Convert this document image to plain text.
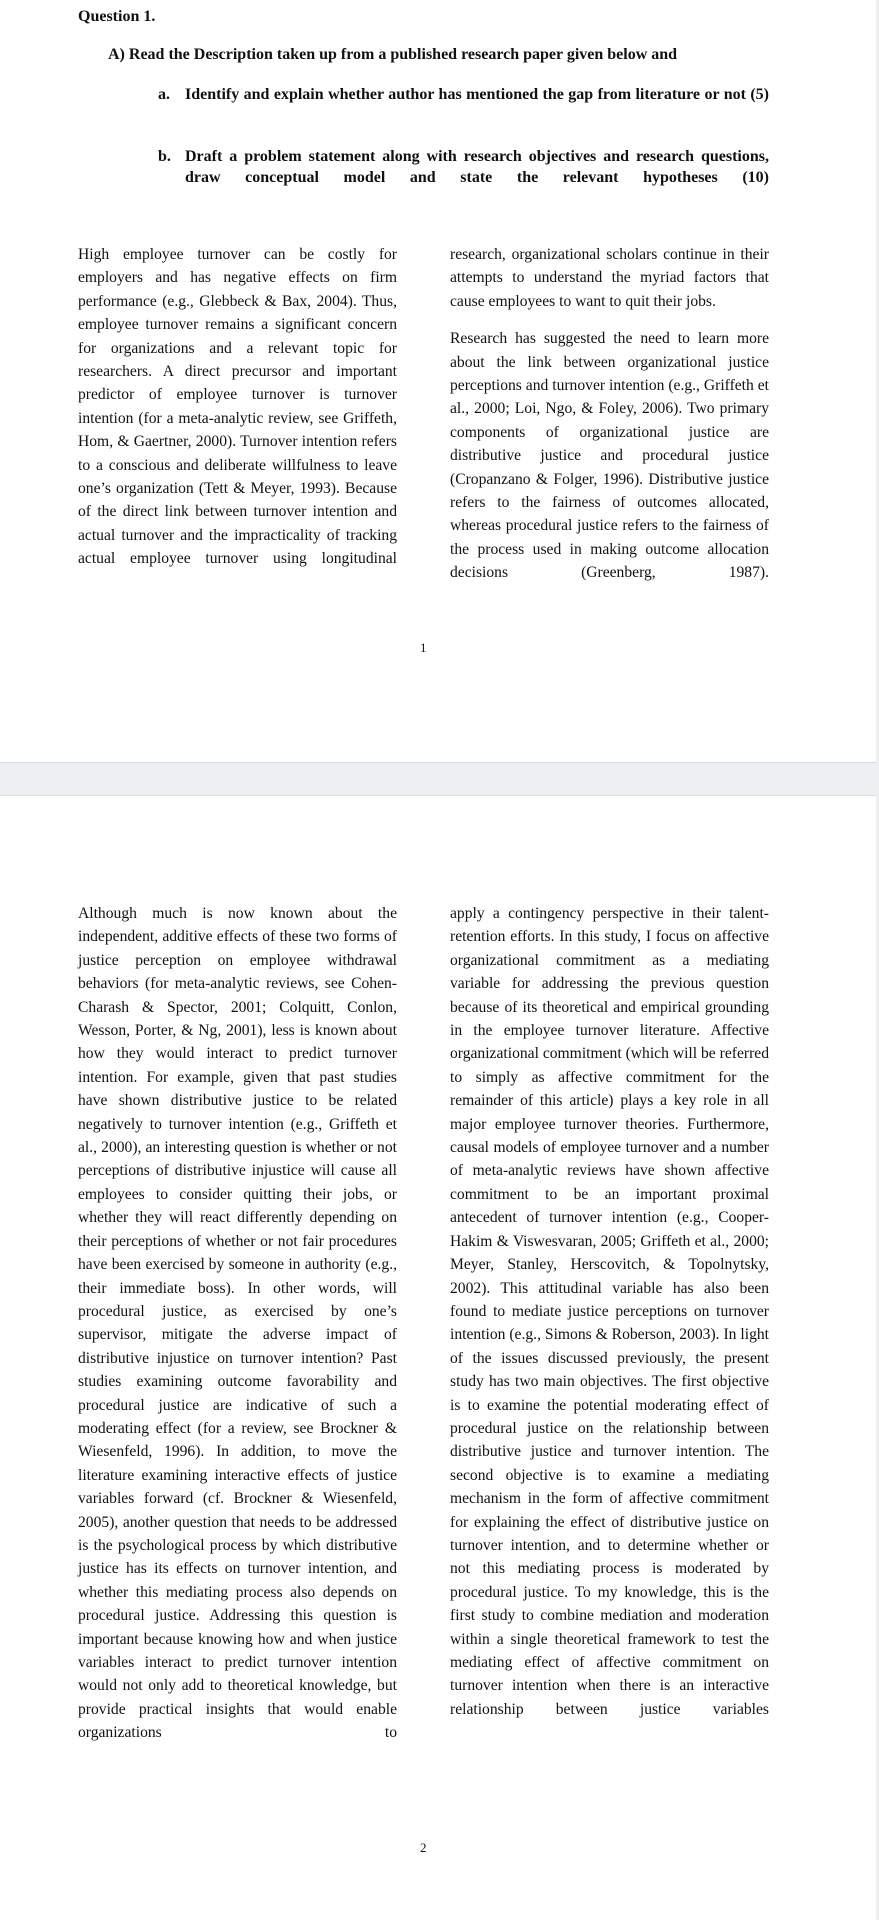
Question 1.

A) Read the Description taken up from a published research paper given below and

a. Identify and explain whether author has mentioned the gap from literature or not (5)
b. Draft a problem statement along with research objectives and research questions, draw conceptual model and state the relevant hypotheses (10)

High employee turnover can be costly for employers and has negative effects on firm performance (e.g., Glebbeck & Bax, 2004). Thus, employee turnover remains a significant concern for organizations and a relevant topic for researchers. A direct precursor and important predictor of employee turnover is turnover intention (for a meta-analytic review, see Griffeth, Hom, & Gaertner, 2000). Turnover intention refers to a conscious and deliberate willfulness to leave one’s organization (Tett & Meyer, 1993). Because of the direct link between turnover intention and actual turnover and the impracticality of tracking actual employee turnover using longitudinal

research, organizational scholars continue in their attempts to understand the myriad factors that cause employees to want to quit their jobs.

Research has suggested the need to learn more about the link between organizational justice perceptions and turnover intention (e.g., Griffeth et al., 2000; Loi, Ngo, & Foley, 2006). Two primary components of organizational justice are distributive justice and procedural justice (Cropanzano & Folger, 1996). Distributive justice refers to the fairness of outcomes allocated, whereas procedural justice refers to the fairness of the process used in making outcome allocation decisions (Greenberg, 1987).

1

Although much is now known about the independent, additive effects of these two forms of justice perception on employee withdrawal behaviors (for meta-analytic reviews, see Cohen-Charash & Spector, 2001; Colquitt, Conlon, Wesson, Porter, & Ng, 2001), less is known about how they would interact to predict turnover intention. For example, given that past studies have shown distributive justice to be related negatively to turnover intention (e.g., Griffeth et al., 2000), an interesting question is whether or not perceptions of distributive injustice will cause all employees to consider quitting their jobs, or whether they will react differently depending on their perceptions of whether or not fair procedures have been exercised by someone in authority (e.g., their immediate boss). In other words, will procedural justice, as exercised by one’s supervisor, mitigate the adverse impact of distributive injustice on turnover intention? Past studies examining outcome favorability and procedural justice are indicative of such a moderating effect (for a review, see Brockner & Wiesenfeld, 1996). In addition, to move the literature examining interactive effects of justice variables forward (cf. Brockner & Wiesenfeld, 2005), another question that needs to be addressed is the psychological process by which distributive justice has its effects on turnover intention, and whether this mediating process also depends on procedural justice. Addressing this question is important because knowing how and when justice variables interact to predict turnover intention would not only add to theoretical knowledge, but provide practical insights that would enable organizations to

apply a contingency perspective in their talent-retention efforts. In this study, I focus on affective organizational commitment as a mediating variable for addressing the previous question because of its theoretical and empirical grounding in the employee turnover literature. Affective organizational commitment (which will be referred to simply as affective commitment for the remainder of this article) plays a key role in all major employee turnover theories. Furthermore, causal models of employee turnover and a number of meta-analytic reviews have shown affective commitment to be an important proximal antecedent of turnover intention (e.g., Cooper-Hakim & Viswesvaran, 2005; Griffeth et al., 2000; Meyer, Stanley, Herscovitch, & Topolnytsky, 2002). This attitudinal variable has also been found to mediate justice perceptions on turnover intention (e.g., Simons & Roberson, 2003). In light of the issues discussed previously, the present study has two main objectives. The first objective is to examine the potential moderating effect of procedural justice on the relationship between distributive justice and turnover intention. The second objective is to examine a mediating mechanism in the form of affective commitment for explaining the effect of distributive justice on turnover intention, and to determine whether or not this mediating process is moderated by procedural justice. To my knowledge, this is the first study to combine mediation and moderation within a single theoretical framework to test the mediating effect of affective commitment on turnover intention when there is an interactive relationship between justice variables

2
